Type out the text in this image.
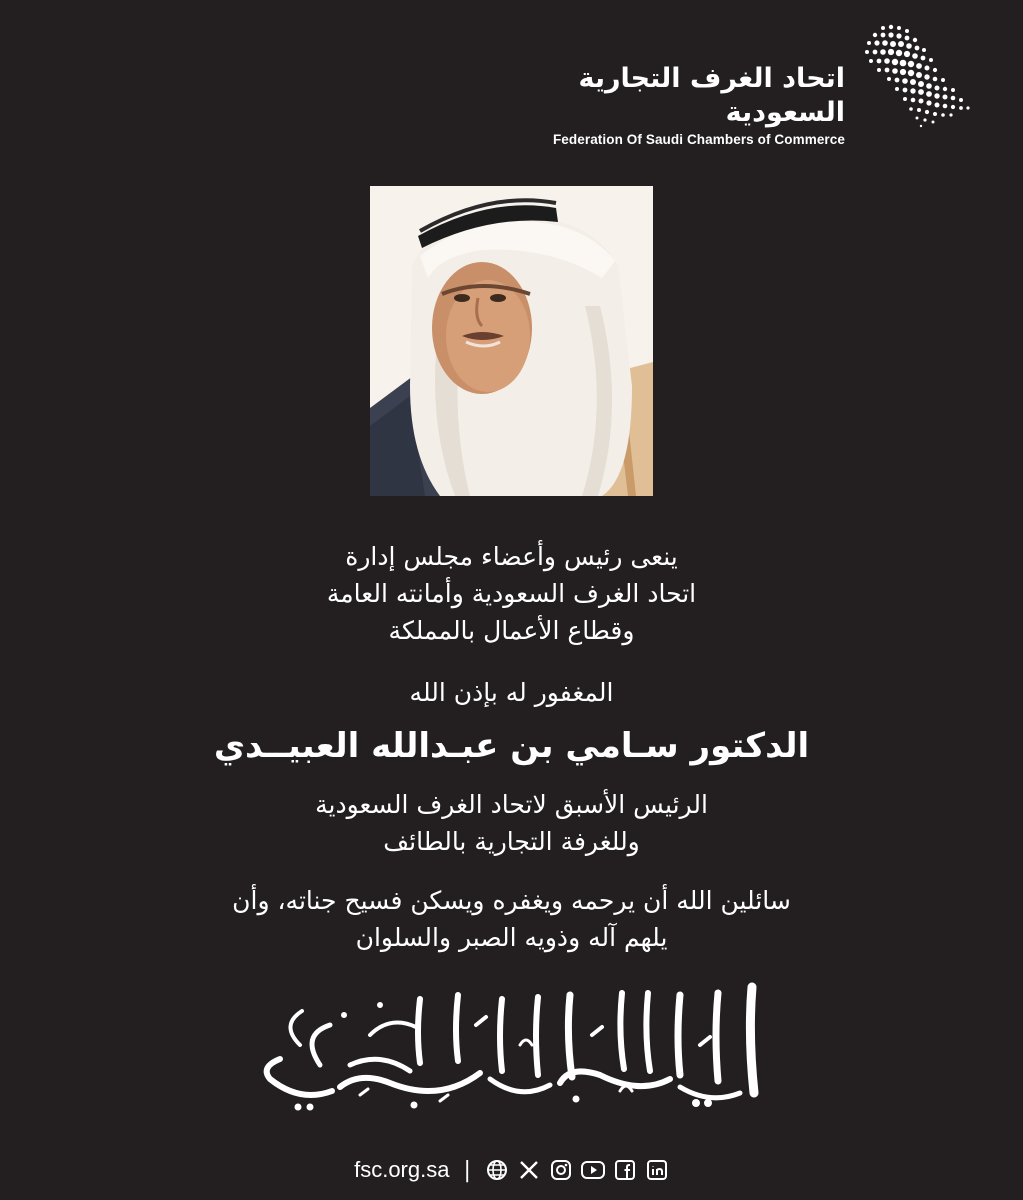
اتحاد الغرف التجارية السعودية
Federation Of Saudi Chambers of Commerce
ينعى رئيس وأعضاء مجلس إدارة
اتحاد الغرف السعودية وأمانته العامة
وقطاع الأعمال بالمملكة
المغفور له بإذن الله
الدكتور سـامي بن عبـدالله العبيــدي
الرئيس الأسبق لاتحاد الغرف السعودية
وللغرفة التجارية بالطائف
سائلين الله أن يرحمه ويغفره ويسكن فسيح جناته، وأن
يلهم آله وذويه الصبر والسلوان
fsc.org.sa |
